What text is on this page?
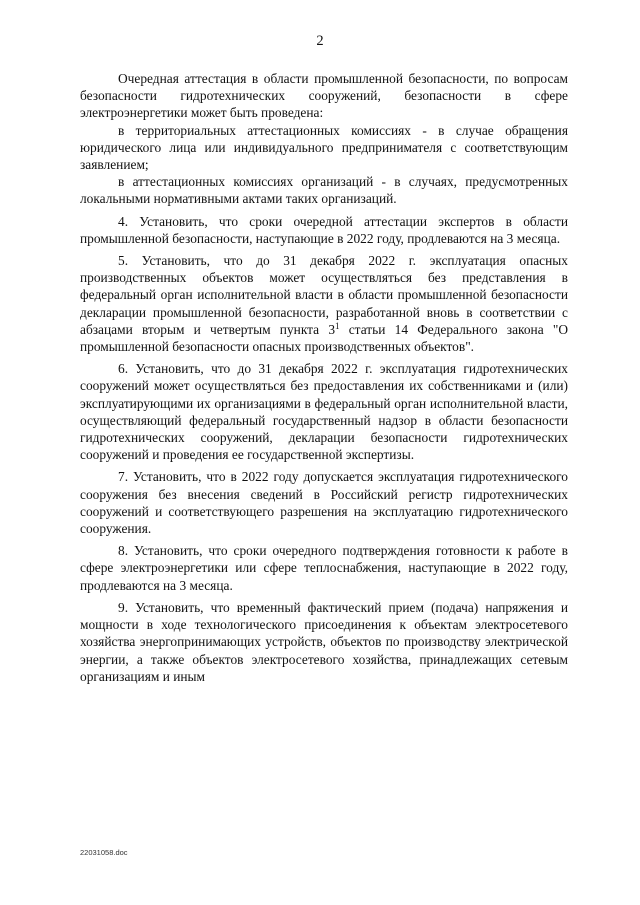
2

Очередная аттестация в области промышленной безопасности, по вопросам безопасности гидротехнических сооружений, безопасности в сфере электроэнергетики может быть проведена:

в территориальных аттестационных комиссиях - в случае обращения юридического лица или индивидуального предпринимателя с соответствующим заявлением;

в аттестационных комиссиях организаций - в случаях, предусмотренных локальными нормативными актами таких организаций.

4. Установить, что сроки очередной аттестации экспертов в области промышленной безопасности, наступающие в 2022 году, продлеваются на 3 месяца.

5. Установить, что до 31 декабря 2022 г. эксплуатация опасных производственных объектов может осуществляться без представления в федеральный орган исполнительной власти в области промышленной безопасности декларации промышленной безопасности, разработанной вновь в соответствии с абзацами вторым и четвертым пункта $3^1$ статьи 14 Федерального закона "О промышленной безопасности опасных производственных объектов".

6. Установить, что до 31 декабря 2022 г. эксплуатация гидротехнических сооружений может осуществляться без предоставления их собственниками и (или) эксплуатирующими их организациями в федеральный орган исполнительной власти, осуществляющий федеральный государственный надзор в области безопасности гидротехнических сооружений, декларации безопасности гидротехнических сооружений и проведения ее государственной экспертизы.

7. Установить, что в 2022 году допускается эксплуатация гидротехнического сооружения без внесения сведений в Российский регистр гидротехнических сооружений и соответствующего разрешения на эксплуатацию гидротехнического сооружения.

8. Установить, что сроки очередного подтверждения готовности к работе в сфере электроэнергетики или сфере теплоснабжения, наступающие в 2022 году, продлеваются на 3 месяца.

9. Установить, что временный фактический прием (подача) напряжения и мощности в ходе технологического присоединения к объектам электросетевого хозяйства энергопринимающих устройств, объектов по производству электрической энергии, а также объектов электросетевого хозяйства, принадлежащих сетевым организациям и иным

22031058.doc
